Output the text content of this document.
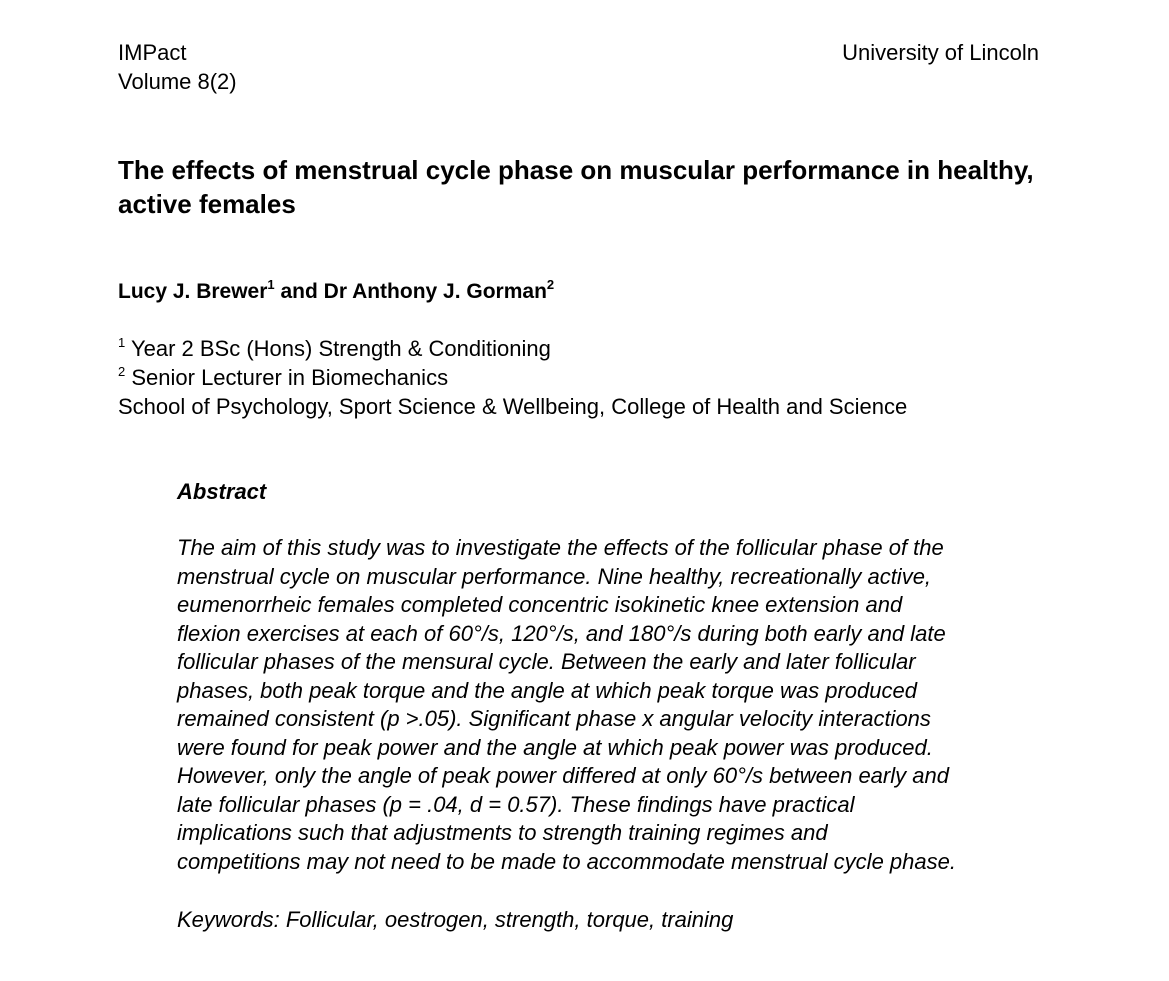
IMPact
Volume 8(2)
University of Lincoln
The effects of menstrual cycle phase on muscular performance in healthy, active females
Lucy J. Brewer$^1$ and Dr Anthony J. Gorman$^2$
$^1$ Year 2 BSc (Hons) Strength & Conditioning
$^2$ Senior Lecturer in Biomechanics
School of Psychology, Sport Science & Wellbeing, College of Health and Science
Abstract
The aim of this study was to investigate the effects of the follicular phase of the
menstrual cycle on muscular performance. Nine healthy, recreationally active,
eumenorrheic females completed concentric isokinetic knee extension and
flexion exercises at each of 60°/s, 120°/s, and 180°/s during both early and late
follicular phases of the mensural cycle. Between the early and later follicular
phases, both peak torque and the angle at which peak torque was produced
remained consistent (p >.05). Significant phase x angular velocity interactions
were found for peak power and the angle at which peak power was produced.
However, only the angle of peak power differed at only 60°/s between early and
late follicular phases (p = .04, d = 0.57). These findings have practical
implications such that adjustments to strength training regimes and
competitions may not need to be made to accommodate menstrual cycle phase.
Keywords: Follicular, oestrogen, strength, torque, training
